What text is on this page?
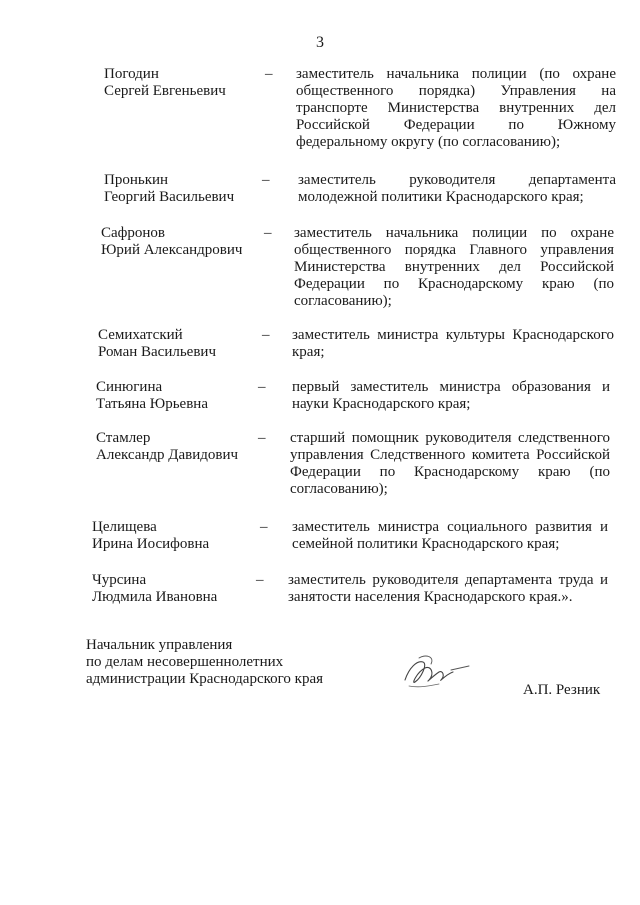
3
Погодин
Сергей Евгеньевич
– заместитель начальника полиции (по охране общественного порядка) Управления на транспорте Министерства внутренних дел Российской Федерации по Южному федеральному округу (по согласованию);
Пронькин
Георгий Васильевич
– заместитель руководителя департамента молодежной политики Краснодарского края;
Сафронов
Юрий Александрович
– заместитель начальника полиции по охране общественного порядка Главного управления Министерства внутренних дел Российской Федерации по Краснодарскому краю (по согласованию);
Семихатский
Роман Васильевич
– заместитель министра культуры Краснодарского края;
Синюгина
Татьяна Юрьевна
– первый заместитель министра образования и науки Краснодарского края;
Стамлер
Александр Давидович
– старший помощник руководителя следственного управления Следственного комитета Российской Федерации по Краснодарскому краю (по согласованию);
Целищева
Ирина Иосифовна
– заместитель министра социального развития и семейной политики Краснодарского края;
Чурсина
Людмила Ивановна
– заместитель руководителя департамента труда и занятости населения Краснодарского края.».
Начальник управления
по делам несовершеннолетних
администрации Краснодарского края
А.П. Резник
